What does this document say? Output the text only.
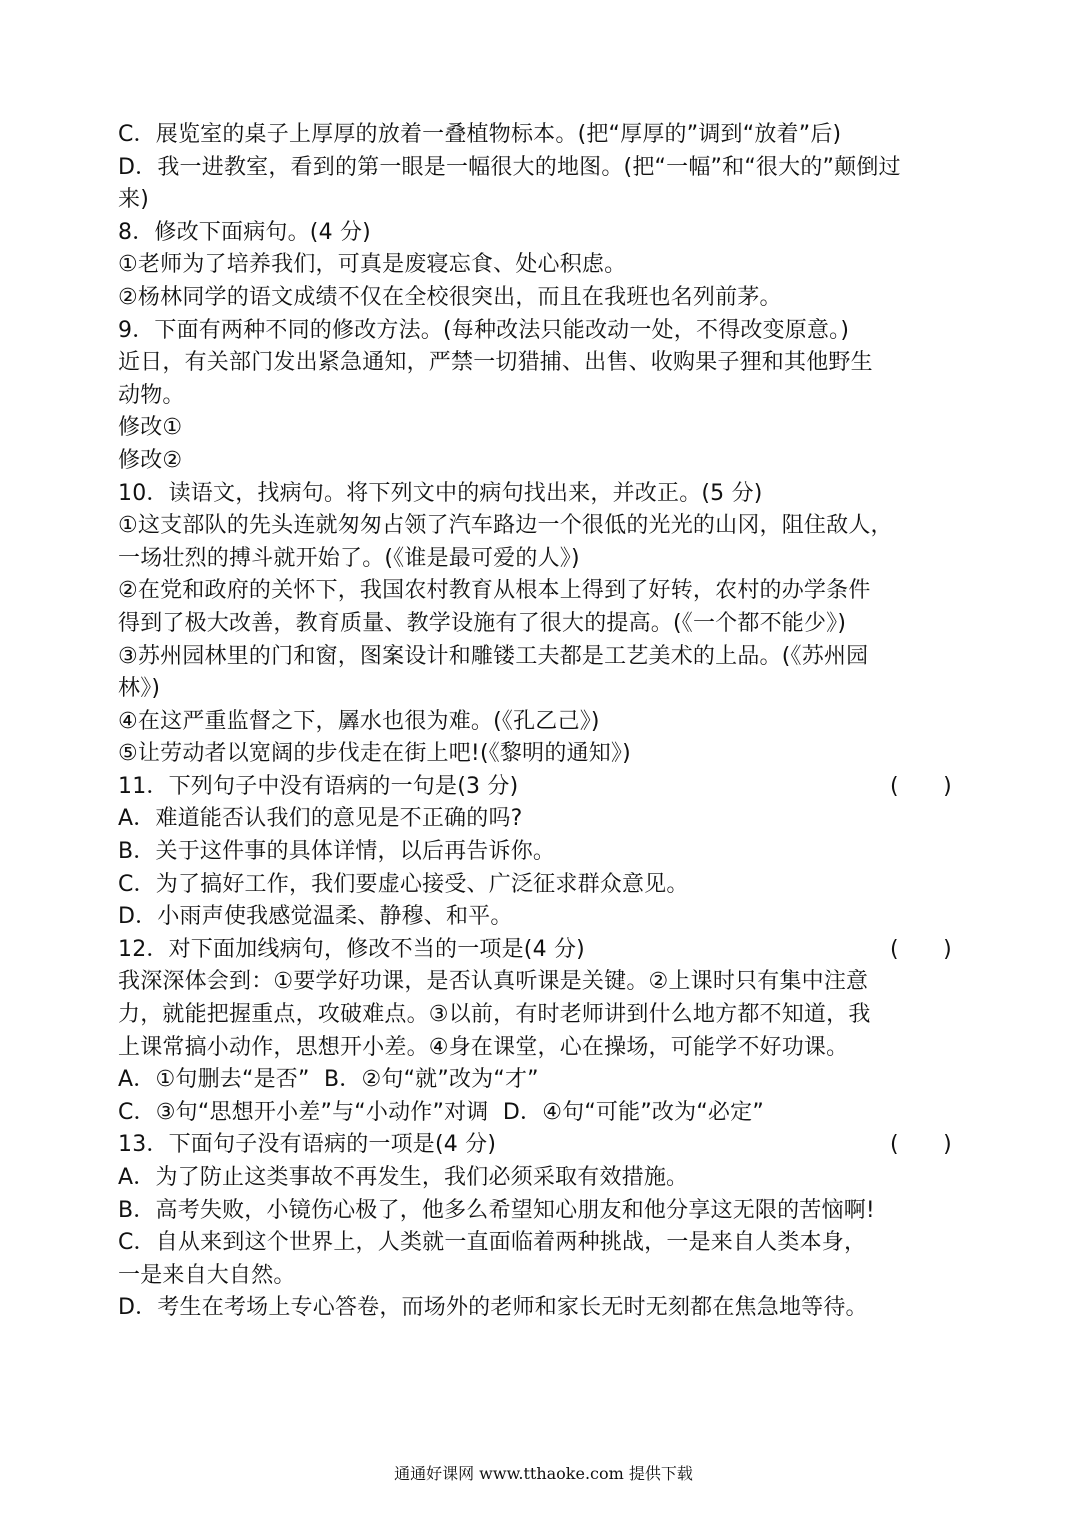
C．展览室的桌子上厚厚的放着一叠植物标本。(把“厚厚的”调到“放着”后)
D．我一进教室，看到的第一眼是一幅很大的地图。(把“一幅”和“很大的”颠倒过
来)
8．修改下面病句。(4 分)
①老师为了培养我们，可真是废寝忘食、处心积虑。
②杨林同学的语文成绩不仅在全校很突出，而且在我班也名列前茅。
9．下面有两种不同的修改方法。(每种改法只能改动一处，不得改变原意。)
近日，有关部门发出紧急通知，严禁一切猎捕、出售、收购果子狸和其他野生
动物。
修改①
修改②
10．读语文，找病句。将下列文中的病句找出来，并改正。(5 分)
①这支部队的先头连就匆匆占领了汽车路边一个很低的光光的山冈，阻住敌人，
一场壮烈的搏斗就开始了。(《谁是最可爱的人》)
②在党和政府的关怀下，我国农村教育从根本上得到了好转，农村的办学条件
得到了极大改善，教育质量、教学设施有了很大的提高。(《一个都不能少》)
③苏州园林里的门和窗，图案设计和雕镂工夫都是工艺美术的上品。(《苏州园
林》)
④在这严重监督之下，羼水也很为难。(《孔乙己》)
⑤让劳动者以宽阔的步伐走在街上吧!(《黎明的通知》)
11．下列句子中没有语病的一句是(3 分)	(　　)
A．难道能否认我们的意见是不正确的吗?
B．关于这件事的具体详情，以后再告诉你。
C．为了搞好工作，我们要虚心接受、广泛征求群众意见。
D．小雨声使我感觉温柔、静穆、和平。
12．对下面加线病句，修改不当的一项是(4 分)	(　　)
我深深体会到：①要学好功课，是否认真听课是关键。②上课时只有集中注意
力，就能把握重点，攻破难点。③以前，有时老师讲到什么地方都不知道，我
上课常搞小动作，思想开小差。④身在课堂，心在操场，可能学不好功课。
A．①句删去“是否”  B．②句“就”改为“才”
C．③句“思想开小差”与“小动作”对调  D．④句“可能”改为“必定”
13．下面句子没有语病的一项是(4 分)	(　　)
A．为了防止这类事故不再发生，我们必须采取有效措施。
B．高考失败，小镜伤心极了，他多么希望知心朋友和他分享这无限的苦恼啊!
C．自从来到这个世界上，人类就一直面临着两种挑战，一是来自人类本身，
一是来自大自然。
D．考生在考场上专心答卷，而场外的老师和家长无时无刻都在焦急地等待。
通通好课网 www.tthaoke.com 提供下载
